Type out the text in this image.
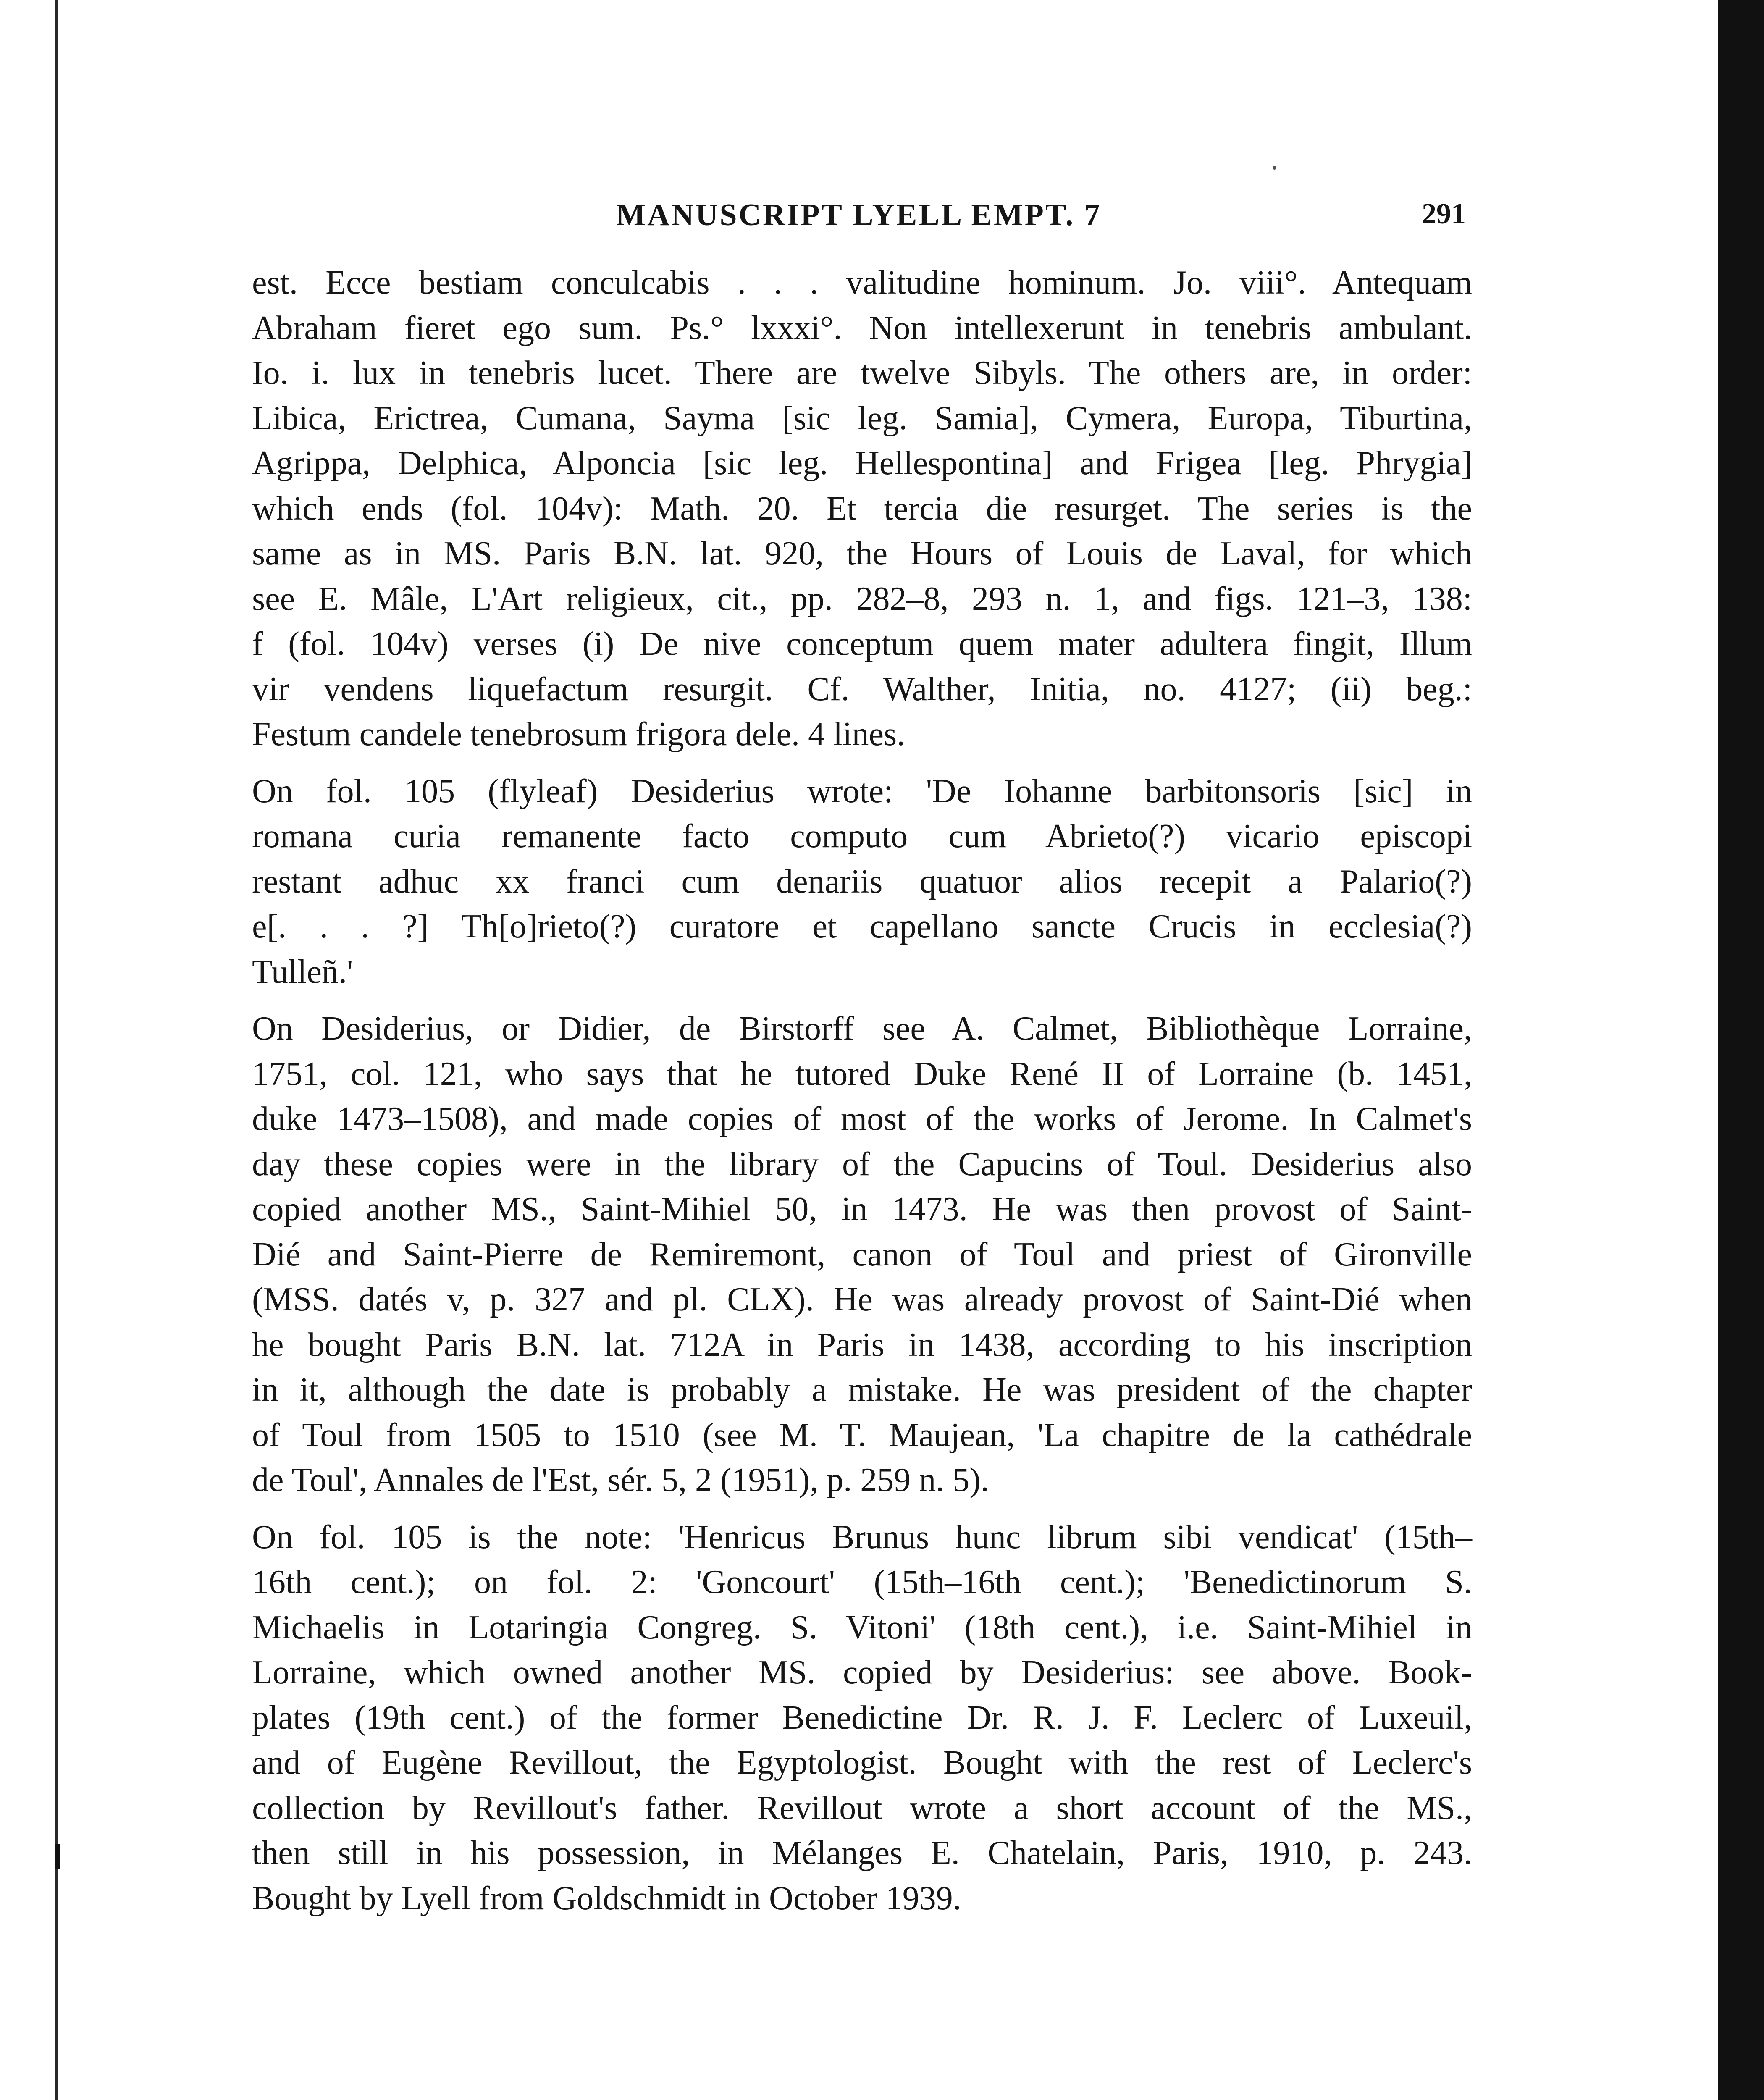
MANUSCRIPT LYELL EMPT. 7	291

est. Ecce bestiam conculcabis . . . valitudine hominum. Jo. viii°. Antequam
Abraham fieret ego sum. Ps.° lxxxi°. Non intellexerunt in tenebris ambulant.
Io. i. lux in tenebris lucet. There are twelve Sibyls. The others are, in order:
Libica, Erictrea, Cumana, Sayma [sic leg. Samia], Cymera, Europa, Tiburtina,
Agrippa, Delphica, Alponcia [sic leg. Hellespontina] and Frigea [leg. Phrygia]
which ends (fol. 104v): Math. 20. Et tercia die resurget. The series is the
same as in MS. Paris B.N. lat. 920, the Hours of Louis de Laval, for which
see E. Mâle, L'Art religieux, cit., pp. 282–8, 293 n. 1, and figs. 121–3, 138:
f (fol. 104v) verses (i) De nive conceptum quem mater adultera fingit, Illum
vir vendens liquefactum resurgit. Cf. Walther, Initia, no. 4127; (ii) beg.:
Festum candele tenebrosum frigora dele. 4 lines.

On fol. 105 (flyleaf) Desiderius wrote: 'De Iohanne barbitonsoris [sic] in
romana curia remanente facto computo cum Abrieto(?) vicario episcopi
restant adhuc xx franci cum denariis quatuor alios recepit a Palario(?)
e[. . . ?] Th[o]rieto(?) curatore et capellano sancte Crucis in ecclesia(?)
Tulleñ.'

On Desiderius, or Didier, de Birstorff see A. Calmet, Bibliothèque Lorraine,
1751, col. 121, who says that he tutored Duke René II of Lorraine (b. 1451,
duke 1473–1508), and made copies of most of the works of Jerome. In Calmet's
day these copies were in the library of the Capucins of Toul. Desiderius also
copied another MS., Saint-Mihiel 50, in 1473. He was then provost of Saint-
Dié and Saint-Pierre de Remiremont, canon of Toul and priest of Gironville
(MSS. datés v, p. 327 and pl. CLX). He was already provost of Saint-Dié when
he bought Paris B.N. lat. 712A in Paris in 1438, according to his inscription
in it, although the date is probably a mistake. He was president of the chapter
of Toul from 1505 to 1510 (see M. T. Maujean, 'La chapitre de la cathédrale
de Toul', Annales de l'Est, sér. 5, 2 (1951), p. 259 n. 5).

On fol. 105 is the note: 'Henricus Brunus hunc librum sibi vendicat' (15th–
16th cent.); on fol. 2: 'Goncourt' (15th–16th cent.); 'Benedictinorum S.
Michaelis in Lotaringia Congreg. S. Vitoni' (18th cent.), i.e. Saint-Mihiel in
Lorraine, which owned another MS. copied by Desiderius: see above. Book-
plates (19th cent.) of the former Benedictine Dr. R. J. F. Leclerc of Luxeuil,
and of Eugène Revillout, the Egyptologist. Bought with the rest of Leclerc's
collection by Revillout's father. Revillout wrote a short account of the MS.,
then still in his possession, in Mélanges E. Chatelain, Paris, 1910, p. 243.
Bought by Lyell from Goldschmidt in October 1939.
